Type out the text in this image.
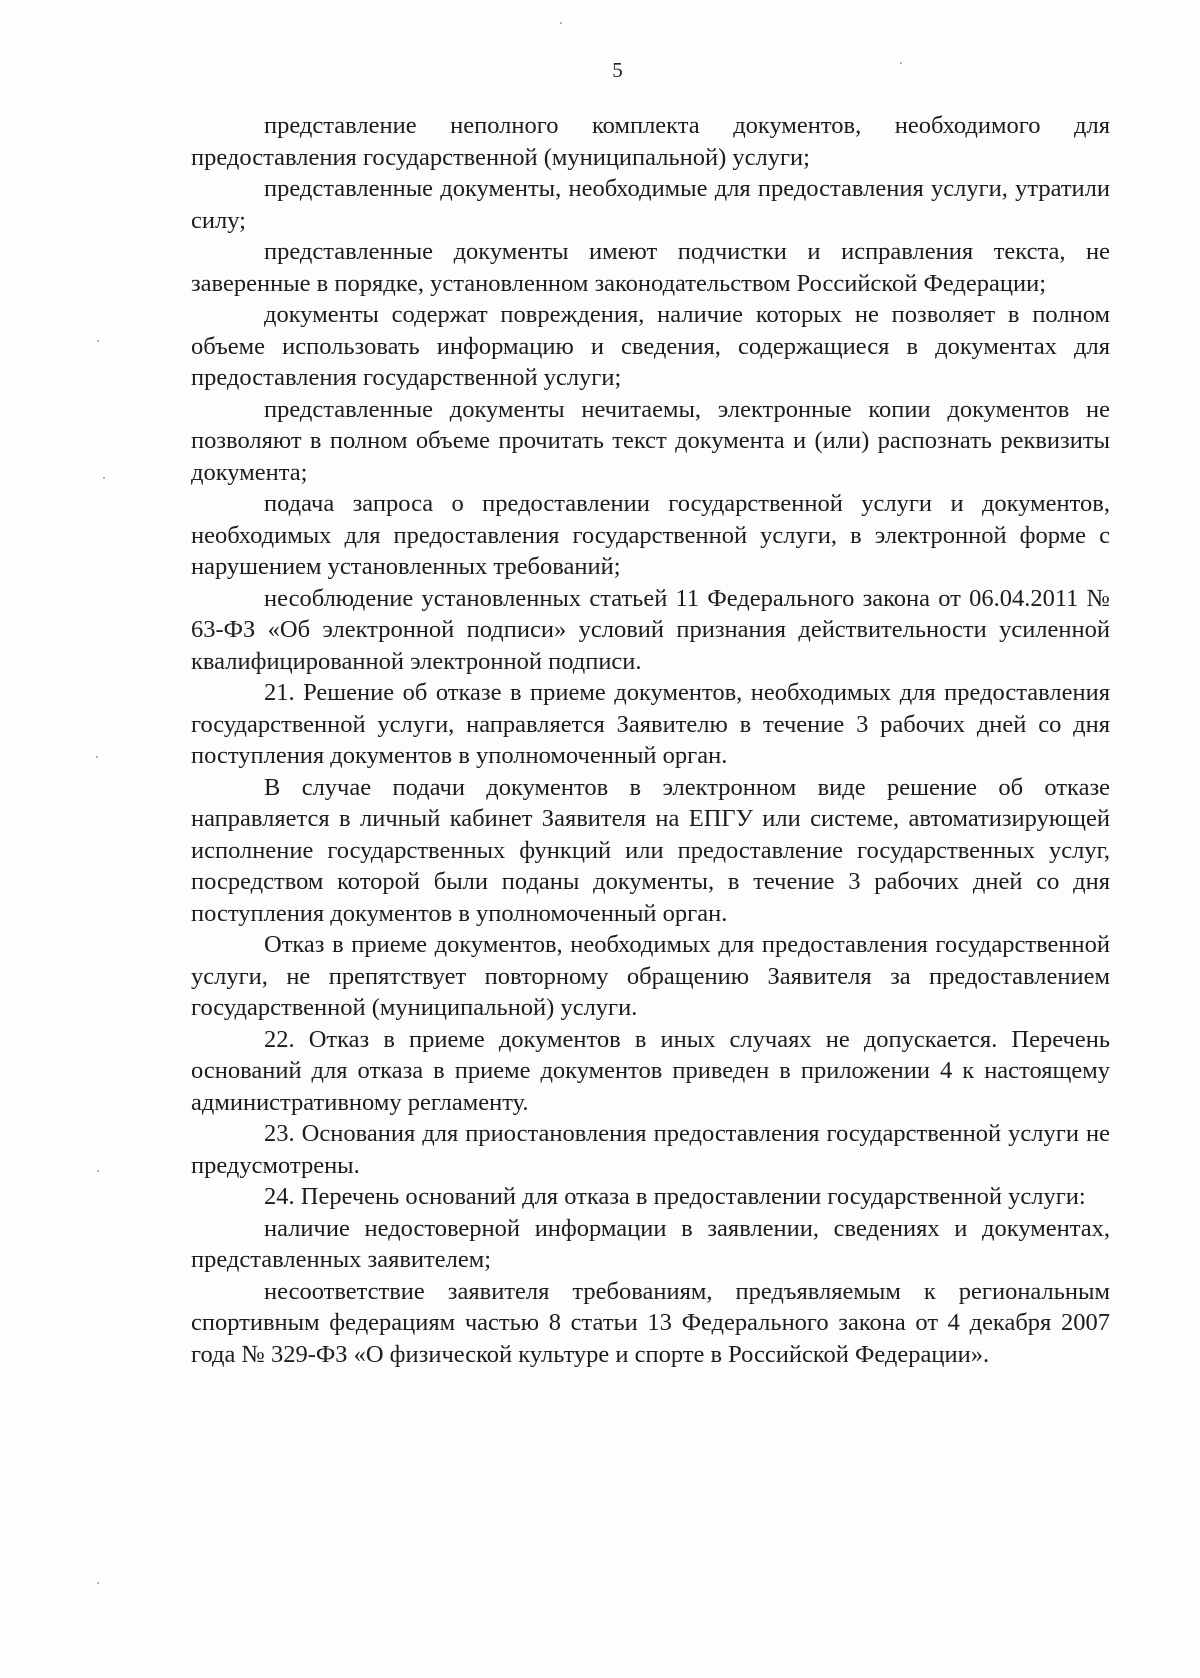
5

представление неполного комплекта документов, необходимого для предоставления государственной (муниципальной) услуги;

представленные документы, необходимые для предоставления услуги, утратили силу;

представленные документы имеют подчистки и исправления текста, не заверенные в порядке, установленном законодательством Российской Федерации;

документы содержат повреждения, наличие которых не позволяет в полном объеме использовать информацию и сведения, содержащиеся в документах для предоставления государственной услуги;

представленные документы нечитаемы, электронные копии документов не позволяют в полном объеме прочитать текст документа и (или) распознать реквизиты документа;

подача запроса о предоставлении государственной услуги и документов, необходимых для предоставления государственной услуги, в электронной форме с нарушением установленных требований;

несоблюдение установленных статьей 11 Федерального закона от 06.04.2011 № 63-ФЗ «Об электронной подписи» условий признания действительности усиленной квалифицированной электронной подписи.

21. Решение об отказе в приеме документов, необходимых для предоставления государственной услуги, направляется Заявителю в течение 3 рабочих дней со дня поступления документов в уполномоченный орган.

В случае подачи документов в электронном виде решение об отказе направляется в личный кабинет Заявителя на ЕПГУ или системе, автоматизирующей исполнение государственных функций или предоставление государственных услуг, посредством которой были поданы документы, в течение 3 рабочих дней со дня поступления документов в уполномоченный орган.

Отказ в приеме документов, необходимых для предоставления государственной услуги, не препятствует повторному обращению Заявителя за предоставлением государственной (муниципальной) услуги.

22. Отказ в приеме документов в иных случаях не допускается. Перечень оснований для отказа в приеме документов приведен в приложении 4 к настоящему административному регламенту.

23. Основания для приостановления предоставления государственной услуги не предусмотрены.

24. Перечень оснований для отказа в предоставлении государственной услуги:

наличие недостоверной информации в заявлении, сведениях и документах, представленных заявителем;

несоответствие заявителя требованиям, предъявляемым к региональным спортивным федерациям частью 8 статьи 13 Федерального закона от 4 декабря 2007 года № 329-ФЗ «О физической культуре и спорте в Российской Федерации».
